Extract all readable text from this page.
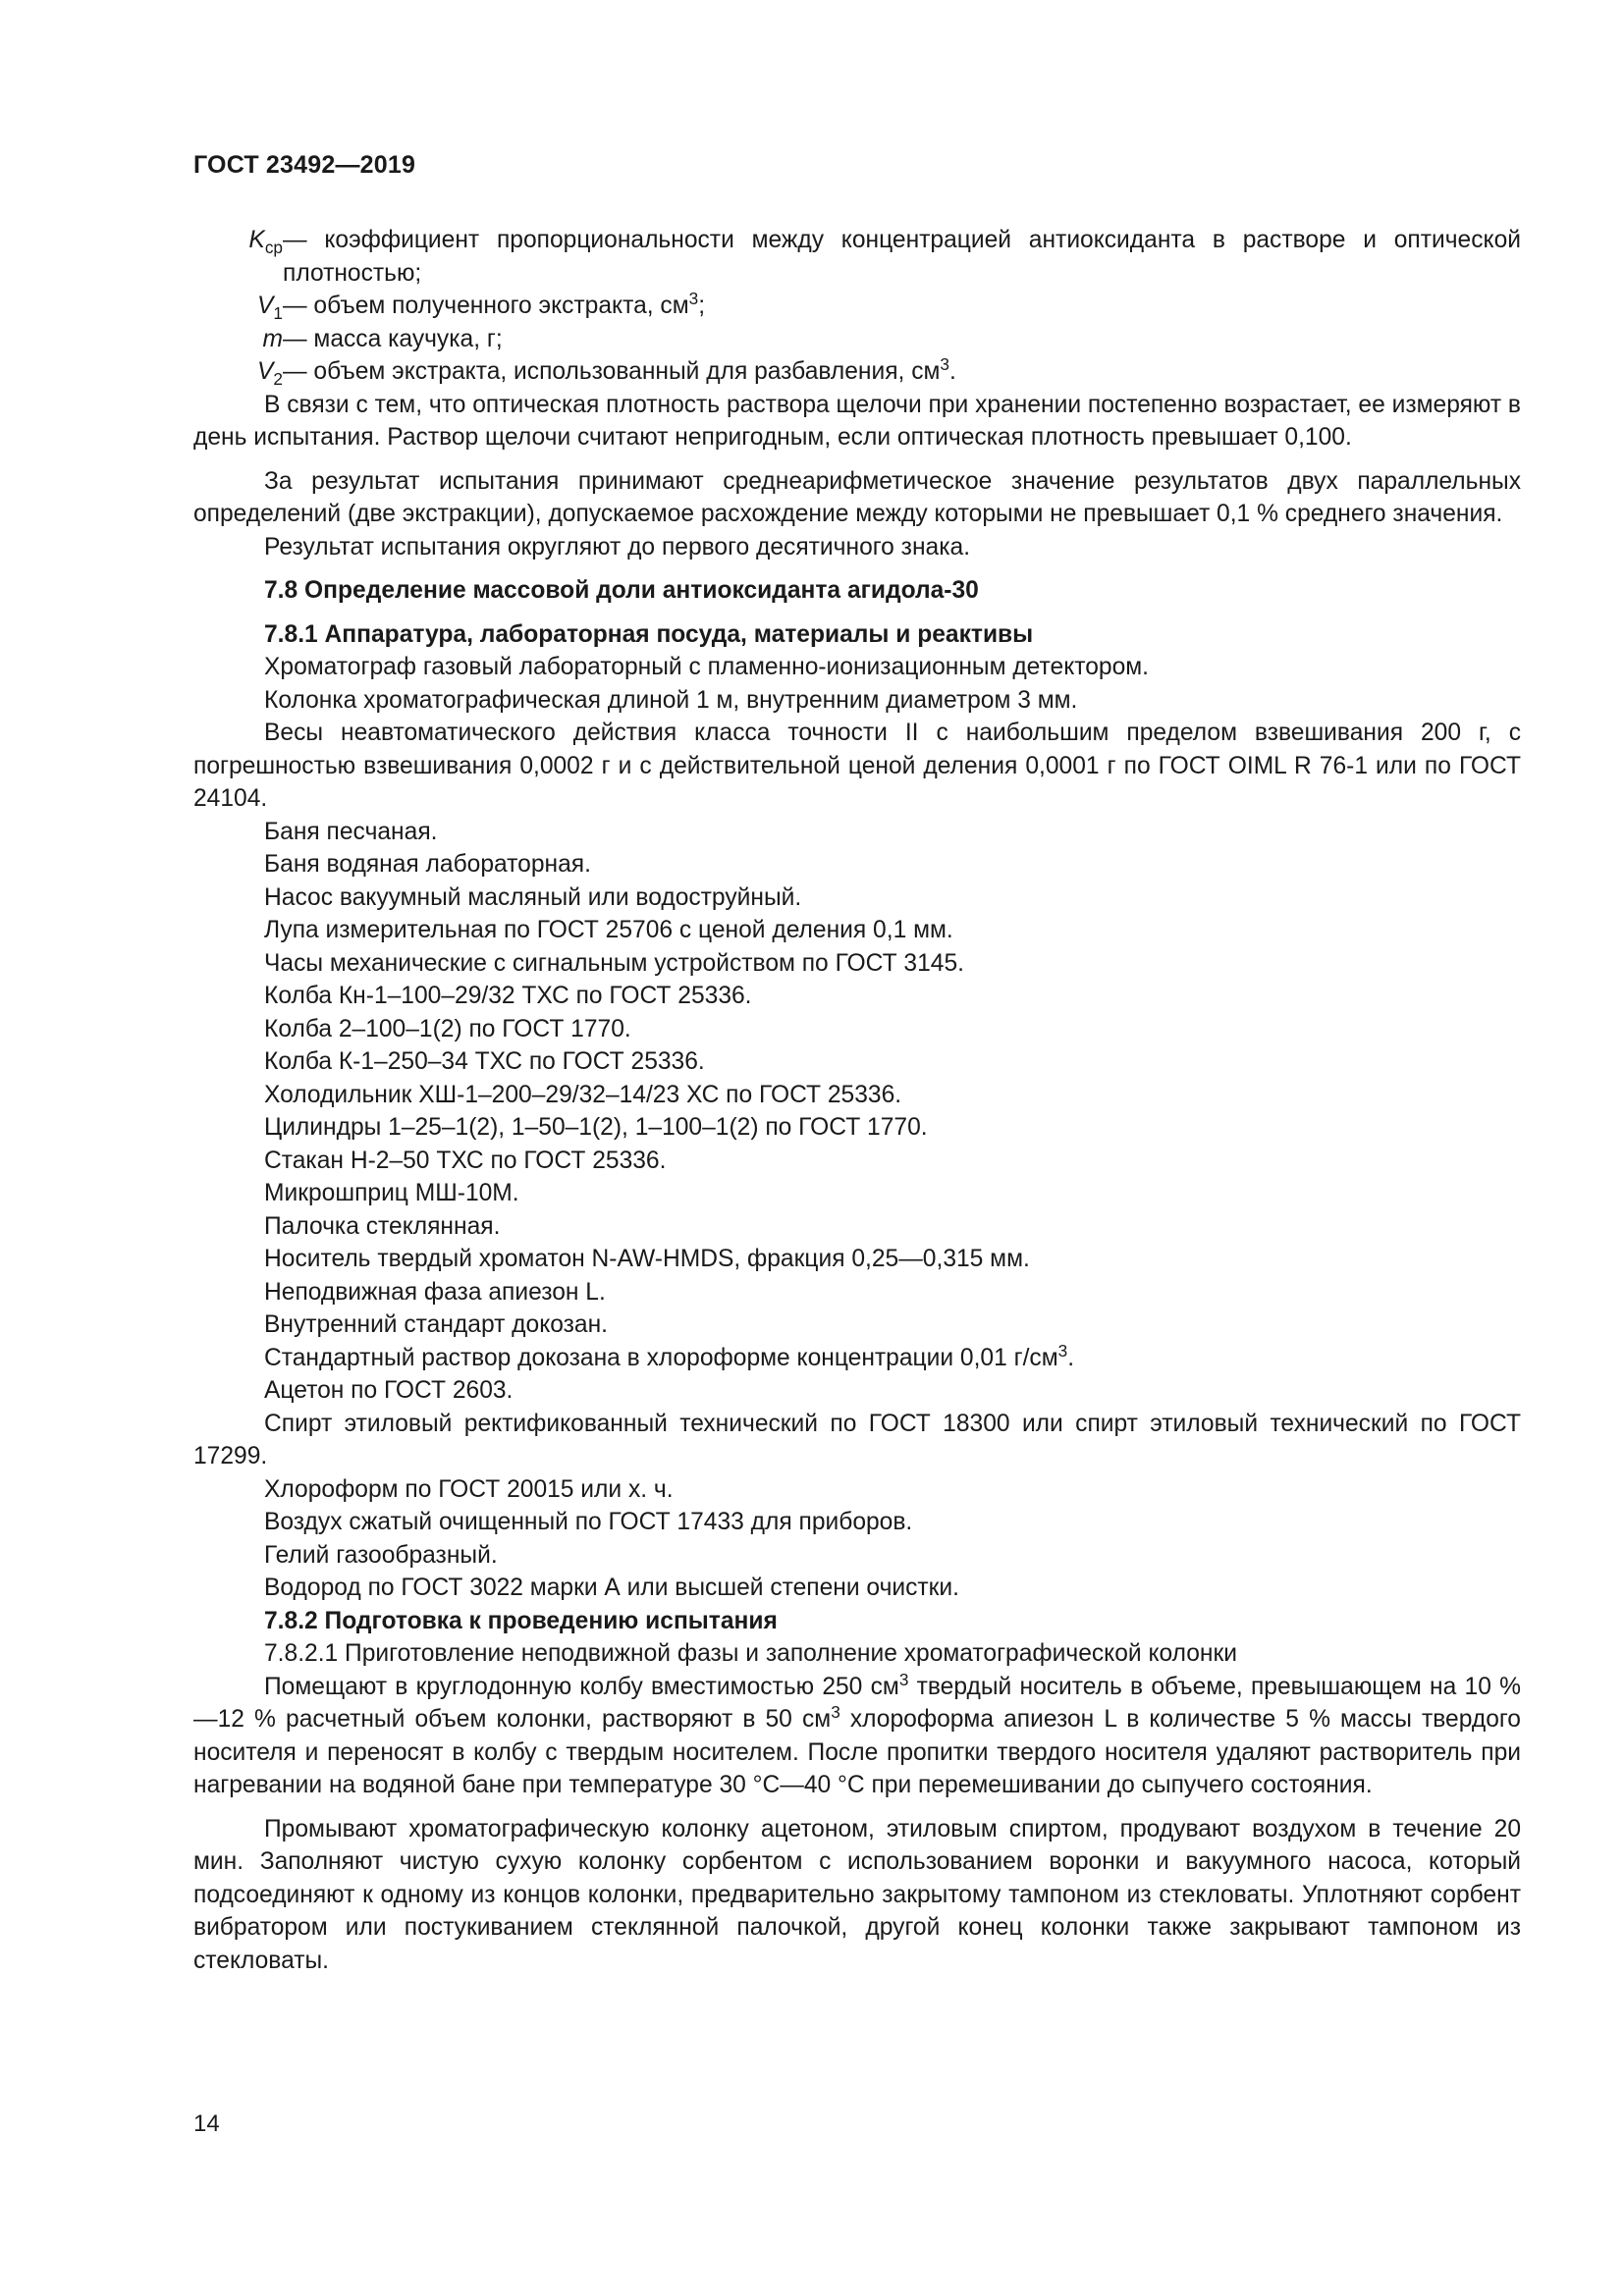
ГОСТ 23492—2019
$K_{ср}$ — коэффициент пропорциональности между концентрацией антиоксиданта в растворе и оптической плотностью;
$V_1$ — объем полученного экстракта, $см^3$;
m — масса каучука, г;
$V_2$ — объем экстракта, использованный для разбавления, $см^3$.

В связи с тем, что оптическая плотность раствора щелочи при хранении постепенно возрастает, ее измеряют в день испытания. Раствор щелочи считают непригодным, если оптическая плотность превышает 0,100.

За результат испытания принимают среднеарифметическое значение результатов двух параллельных определений (две экстракции), допускаемое расхождение между которыми не превышает 0,1 % среднего значения.

Результат испытания округляют до первого десятичного знака.

7.8 Определение массовой доли антиоксиданта агидола-30

7.8.1 Аппаратура, лабораторная посуда, материалы и реактивы

Хроматограф газовый лабораторный с пламенно-ионизационным детектором.

Колонка хроматографическая длиной 1 м, внутренним диаметром 3 мм.

Весы неавтоматического действия класса точности II с наибольшим пределом взвешивания 200 г, с погрешностью взвешивания 0,0002 г и с действительной ценой деления 0,0001 г по ГОСТ OIML R 76-1 или по ГОСТ 24104.

Баня песчаная.

Баня водяная лабораторная.

Насос вакуумный масляный или водоструйный.

Лупа измерительная по ГОСТ 25706 с ценой деления 0,1 мм.

Часы механические с сигнальным устройством по ГОСТ 3145.

Колба Кн-1–100–29/32 ТХС по ГОСТ 25336.

Колба 2–100–1(2) по ГОСТ 1770.

Колба К-1–250–34 ТХС по ГОСТ 25336.

Холодильник ХШ-1–200–29/32–14/23 ХС по ГОСТ 25336.

Цилиндры 1–25–1(2), 1–50–1(2), 1–100–1(2) по ГОСТ 1770.

Стакан Н-2–50 ТХС по ГОСТ 25336.

Микрошприц МШ-10М.

Палочка стеклянная.

Носитель твердый хроматон N-AW-HMDS, фракция 0,25—0,315 мм.

Неподвижная фаза апиезон L.

Внутренний стандарт докозан.

Стандартный раствор докозана в хлороформе концентрации 0,01 $г/см^3$.

Ацетон по ГОСТ 2603.

Спирт этиловый ректификованный технический по ГОСТ 18300 или спирт этиловый технический по ГОСТ 17299.

Хлороформ по ГОСТ 20015 или х. ч.

Воздух сжатый очищенный по ГОСТ 17433 для приборов.

Гелий газообразный.

Водород по ГОСТ 3022 марки А или высшей степени очистки.

7.8.2 Подготовка к проведению испытания

7.8.2.1 Приготовление неподвижной фазы и заполнение хроматографической колонки

Помещают в круглодонную колбу вместимостью 250 $см^3$ твердый носитель в объеме, превышающем на 10 %—12 % расчетный объем колонки, растворяют в 50 $см^3$ хлороформа апиезон L в количестве 5 % массы твердого носителя и переносят в колбу с твердым носителем. После пропитки твердого носителя удаляют растворитель при нагревании на водяной бане при температуре 30 °С—40 °С при перемешивании до сыпучего состояния.

Промывают хроматографическую колонку ацетоном, этиловым спиртом, продувают воздухом в течение 20 мин. Заполняют чистую сухую колонку сорбентом с использованием воронки и вакуумного насоса, который подсоединяют к одному из концов колонки, предварительно закрытому тампоном из стекловаты. Уплотняют сорбент вибратором или постукиванием стеклянной палочкой, другой конец колонки также закрывают тампоном из стекловаты.

14
